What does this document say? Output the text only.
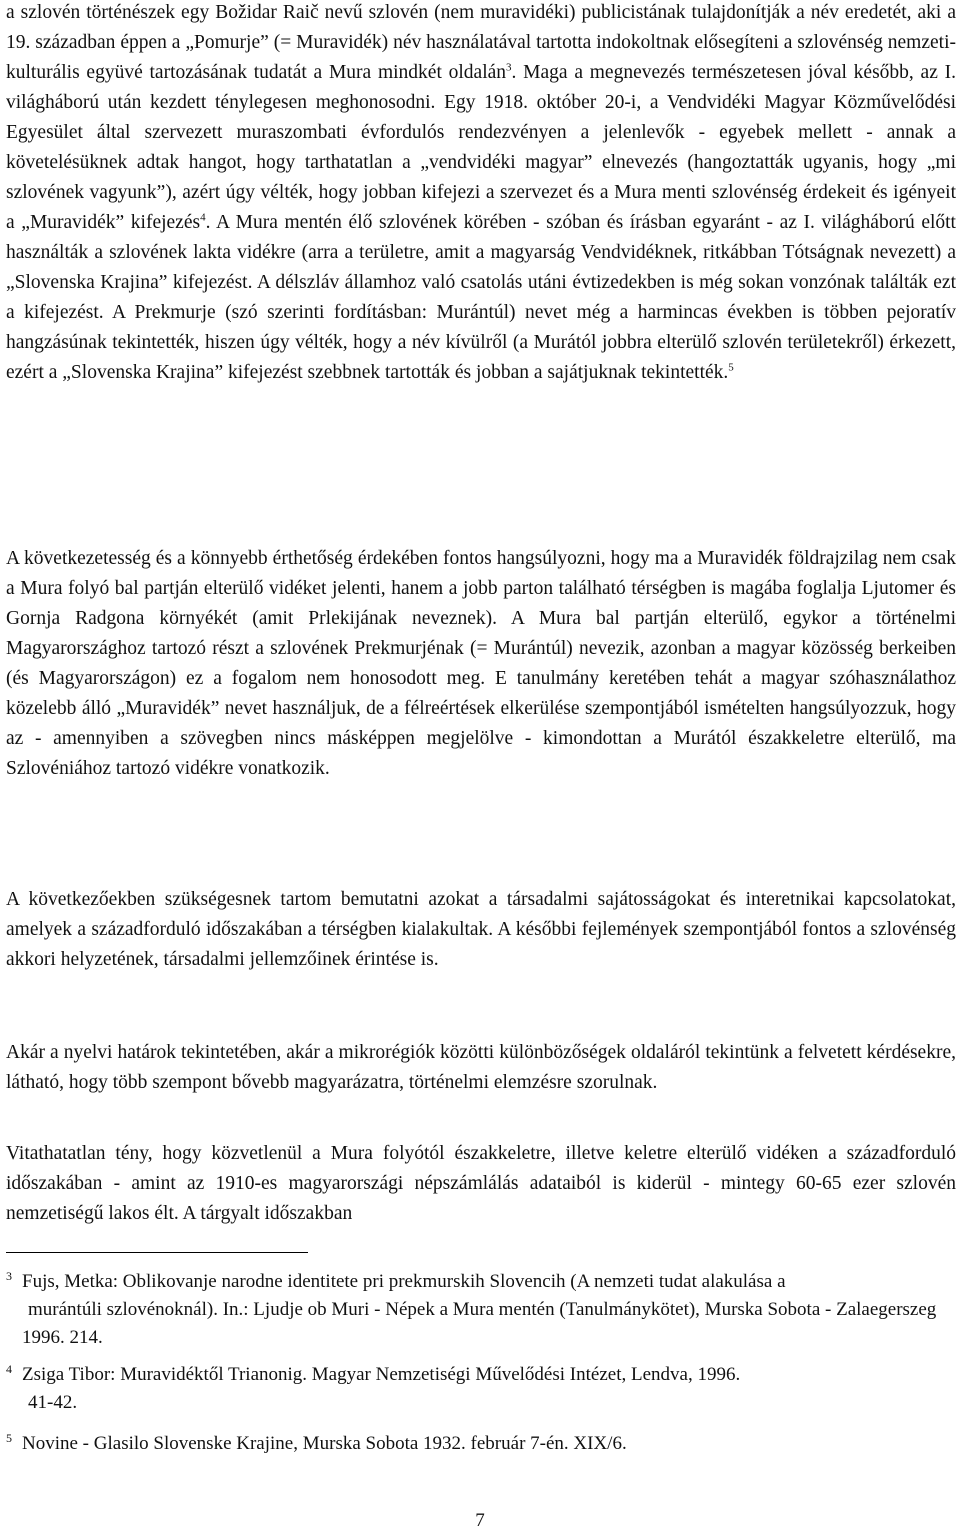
a szlovén történészek egy Božidar Raič nevű szlovén (nem muravidéki) publicistának tulajdonítják a név eredetét, aki a 19. században éppen a „Pomurje” (= Muravidék) név használatával tartotta indokoltnak elősegíteni a szlovénség nemzeti-kulturális együvé tartozásának tudatát a Mura mindkét oldalán$^3$. Maga a megnevezés természetesen jóval később, az I. világháború után kezdett ténylegesen meghonosodni. Egy 1918. október 20-i, a Vendvidéki Magyar Közművelődési Egyesület által szervezett muraszombati évfordulós rendezvényen a jelenlevők - egyebek mellett - annak a követelésüknek adtak hangot, hogy tarthatatlan a „vendvidéki magyar” elnevezés (hangoztatták ugyanis, hogy „mi szlovének vagyunk”), azért úgy vélték, hogy jobban kifejezi a szervezet és a Mura menti szlovénség érdekeit és igényeit a „Muravidék” kifejezés$^4$. A Mura mentén élő szlovének körében - szóban és írásban egyaránt - az I. világháború előtt használták a szlovének lakta vidékre (arra a területre, amit a magyarság Vendvidéknek, ritkábban Tótságnak nevezett) a „Slovenska Krajina” kifejezést. A délszláv államhoz való csatolás utáni évtizedekben is még sokan vonzónak találták ezt a kifejezést. A Prekmurje (szó szerinti fordításban: Murántúl) nevet még a harmincas években is többen pejoratív hangzásúnak tekintették, hiszen úgy vélték, hogy a név kívülről (a Murától jobbra elterülő szlovén területekről) érkezett, ezért a „Slovenska Krajina” kifejezést szebbnek tartották és jobban a sajátjuknak tekintették.$^5$

A következetesség és a könnyebb érthetőség érdekében fontos hangsúlyozni, hogy ma a Muravidék földrajzilag nem csak a Mura folyó bal partján elterülő vidéket jelenti, hanem a jobb parton található térségben is magába foglalja Ljutomer és Gornja Radgona környékét (amit Prlekijának neveznek). A Mura bal partján elterülő, egykor a történelmi Magyarországhoz tartozó részt a szlovének Prekmurjénak (= Murántúl) nevezik, azonban a magyar közösség berkeiben (és Magyarországon) ez a fogalom nem honosodott meg. E tanulmány keretében tehát a magyar szóhasználathoz közelebb álló „Muravidék” nevet használjuk, de a félreértések elkerülése szempontjából ismételten hangsúlyozzuk, hogy az - amennyiben a szövegben nincs másképpen megjelölve - kimondottan a Murától északkeletre elterülő, ma Szlovéniához tartozó vidékre vonatkozik.

A következőekben szükségesnek tartom bemutatni azokat a társadalmi sajátosságokat és interetnikai kapcsolatokat, amelyek a századforduló időszakában a térségben kialakultak. A későbbi fejlemények szempontjából fontos a szlovénség akkori helyzetének, társadalmi jellemzőinek érintése is.

Akár a nyelvi határok tekintetében, akár a mikrorégiók közötti különbözőségek oldaláról tekintünk a felvetett kérdésekre, látható, hogy több szempont bővebb magyarázatra, történelmi elemzésre szorulnak.

Vitathatatlan tény, hogy közvetlenül a Mura folyótól északkeletre, illetve keletre elterülő vidéken a századforduló időszakában - amint az 1910-es magyarországi népszámlálás adataiból is kiderül - mintegy 60-65 ezer szlovén nemzetiségű lakos élt. A tárgyalt időszakban

3 Fujs, Metka: Oblikovanje narodne identitete pri prekmurskih Slovencih (A nemzeti tudat alakulása a
murántúli szlovénoknál). In.: Ljudje ob Muri - Népek a Mura mentén (Tanulmánykötet), Murska Sobota - Zalaegerszeg 1996. 214.
4 Zsiga Tibor: Muravidéktől Trianonig. Magyar Nemzetiségi Művelődési Intézet, Lendva, 1996.
41-42.
5 Novine - Glasilo Slovenske Krajine, Murska Sobota 1932. február 7-én. XIX/6.
7
